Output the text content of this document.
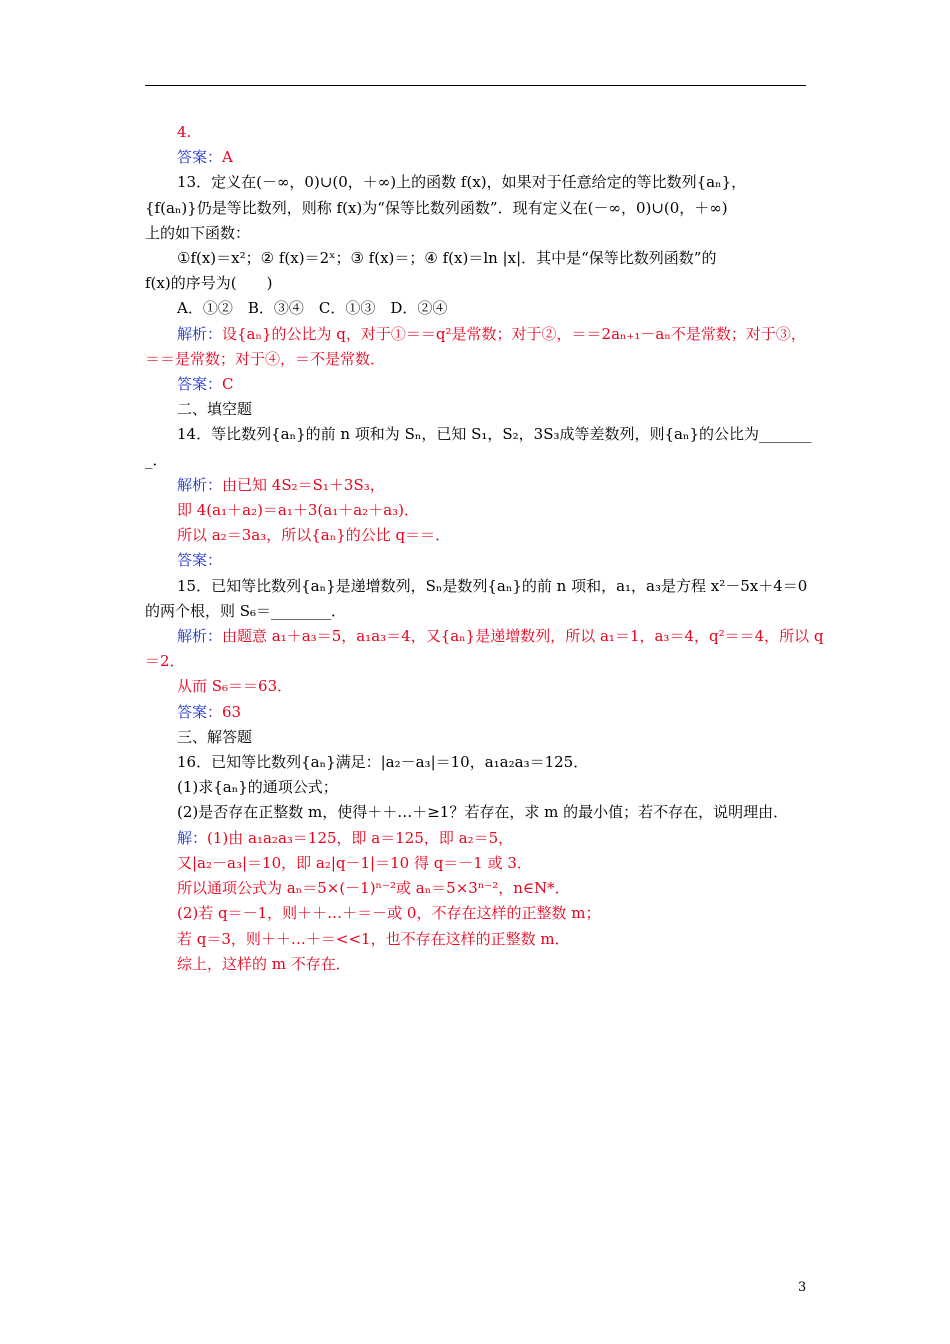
4.
答案：A
13．定义在(－∞，0)∪(0，＋∞)上的函数 f(x)，如果对于任意给定的等比数列{aₙ}，
{f(aₙ)}仍是等比数列，则称 f(x)为“保等比数列函数”．现有定义在(－∞，0)∪(0，＋∞)
上的如下函数：
①f(x)＝x²；② f(x)＝2ˣ；③ f(x)＝；④ f(x)＝ln |x|．其中是“保等比数列函数”的
f(x)的序号为(　　)
A．①②　B．③④　C．①③　D．②④
解析：设{aₙ}的公比为 q，对于①＝＝q²是常数；对于②，＝＝2aₙ₊₁－aₙ不是常数；对于③，
＝＝是常数；对于④，＝不是常数．
答案：C
二、填空题
14．等比数列{aₙ}的前 n 项和为 Sₙ，已知 S₁，S₂，3S₃成等差数列，则{aₙ}的公比为_______
_．
解析：由已知 4S₂＝S₁＋3S₃，
即 4(a₁＋a₂)＝a₁＋3(a₁＋a₂＋a₃)．
所以 a₂＝3a₃，所以{aₙ}的公比 q＝＝．
答案：
15．已知等比数列{aₙ}是递增数列，Sₙ是数列{aₙ}的前 n 项和，a₁，a₃是方程 x²－5x＋4＝0
的两个根，则 S₆＝________．
解析：由题意 a₁＋a₃＝5，a₁a₃＝4，又{aₙ}是递增数列，所以 a₁＝1，a₃＝4，q²＝＝4，所以 q
＝2．
从而 S₆＝＝63．
答案：63
三、解答题
16．已知等比数列{aₙ}满足：|a₂－a₃|＝10，a₁a₂a₃＝125．
(1)求{aₙ}的通项公式；
(2)是否存在正整数 m，使得＋＋…＋≥1？若存在，求 m 的最小值；若不存在，说明理由．
解：(1)由 a₁a₂a₃＝125，即 a＝125，即 a₂＝5，
又|a₂－a₃|＝10，即 a₂|q－1|＝10 得 q＝－1 或 3．
所以通项公式为 aₙ＝5×(－1)ⁿ⁻²或 aₙ＝5×3ⁿ⁻²，n∈N*．
(2)若 q＝－1，则＋＋…＋＝－或 0，不存在这样的正整数 m；
若 q＝3，则＋＋…＋＝<<1，也不存在这样的正整数 m．
综上，这样的 m 不存在．
3
